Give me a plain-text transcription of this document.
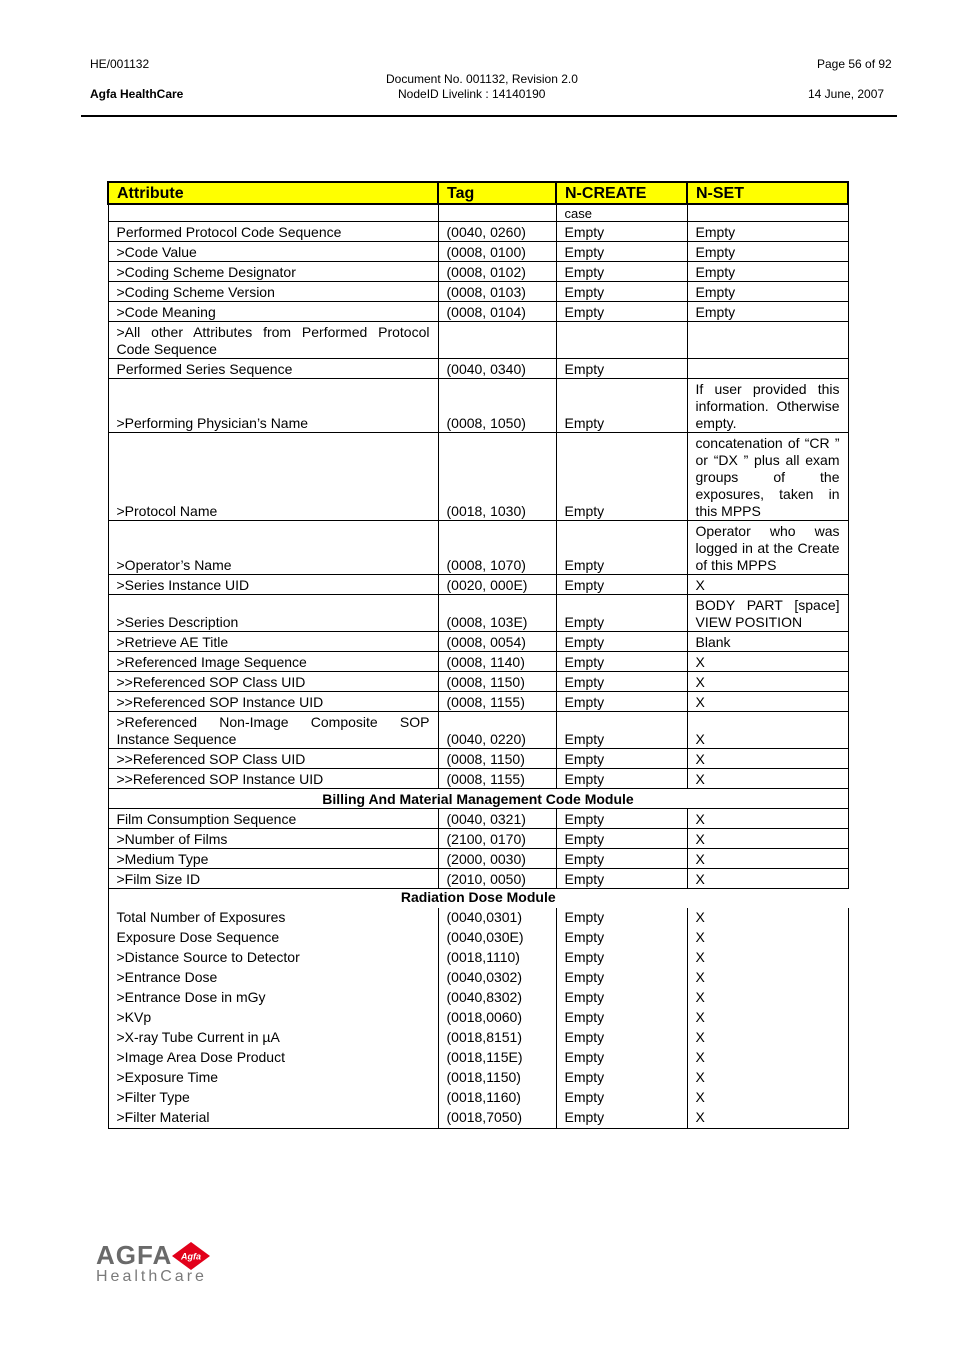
HE/001132
Agfa HealthCare
Document No. 001132, Revision 2.0
NodeID Livelink : 14140190
Page 56 of 92
14 June, 2007
Attribute	Tag	N-CREATE	N-SET
		case	
Performed Protocol Code Sequence	(0040, 0260)	Empty	Empty
>Code Value	(0008, 0100)	Empty	Empty
>Coding Scheme Designator	(0008, 0102)	Empty	Empty
>Coding Scheme Version	(0008, 0103)	Empty	Empty
>Code Meaning	(0008, 0104)	Empty	Empty
>All other Attributes from Performed Protocol Code Sequence			
Performed Series Sequence	(0040, 0340)	Empty	
>Performing Physician’s Name	(0008, 1050)	Empty	If user provided this information. Otherwise empty.
>Protocol Name	(0018, 1030)	Empty	concatenation of “CR ” or “DX ” plus all exam groups of the exposures, taken in this MPPS
>Operator’s Name	(0008, 1070)	Empty	Operator who was logged in at the Create of this MPPS
>Series Instance UID	(0020, 000E)	Empty	X
>Series Description	(0008, 103E)	Empty	BODY PART [space] VIEW POSITION
>Retrieve AE Title	(0008, 0054)	Empty	Blank
>Referenced Image Sequence	(0008, 1140)	Empty	X
>>Referenced SOP Class UID	(0008, 1150)	Empty	X
>>Referenced SOP Instance UID	(0008, 1155)	Empty	X
>Referenced Non-Image Composite SOP Instance Sequence	(0040, 0220)	Empty	X
>>Referenced SOP Class UID	(0008, 1150)	Empty	X
>>Referenced SOP Instance UID	(0008, 1155)	Empty	X
Billing And Material Management Code Module			
Film Consumption Sequence	(0040, 0321)	Empty	X
>Number of Films	(2100, 0170)	Empty	X
>Medium Type	(2000, 0030)	Empty	X
>Film Size ID	(2010, 0050)	Empty	X
Radiation Dose Module			
Total Number of Exposures	(0040,0301)	Empty	X
Exposure Dose Sequence	(0040,030E)	Empty	X
>Distance Source to Detector	(0018,1110)	Empty	X
>Entrance Dose	(0040,0302)	Empty	X
>Entrance Dose in mGy	(0040,8302)	Empty	X
>KVp	(0018,0060)	Empty	X
>X-ray Tube Current in µA	(0018,8151)	Empty	X
>Image Area Dose Product	(0018,115E)	Empty	X
>Exposure Time	(0018,1150)	Empty	X
>Filter Type	(0018,1160)	Empty	X
>Filter Material	(0018,7050)	Empty	X
AGFA Agfa
HealthCare
